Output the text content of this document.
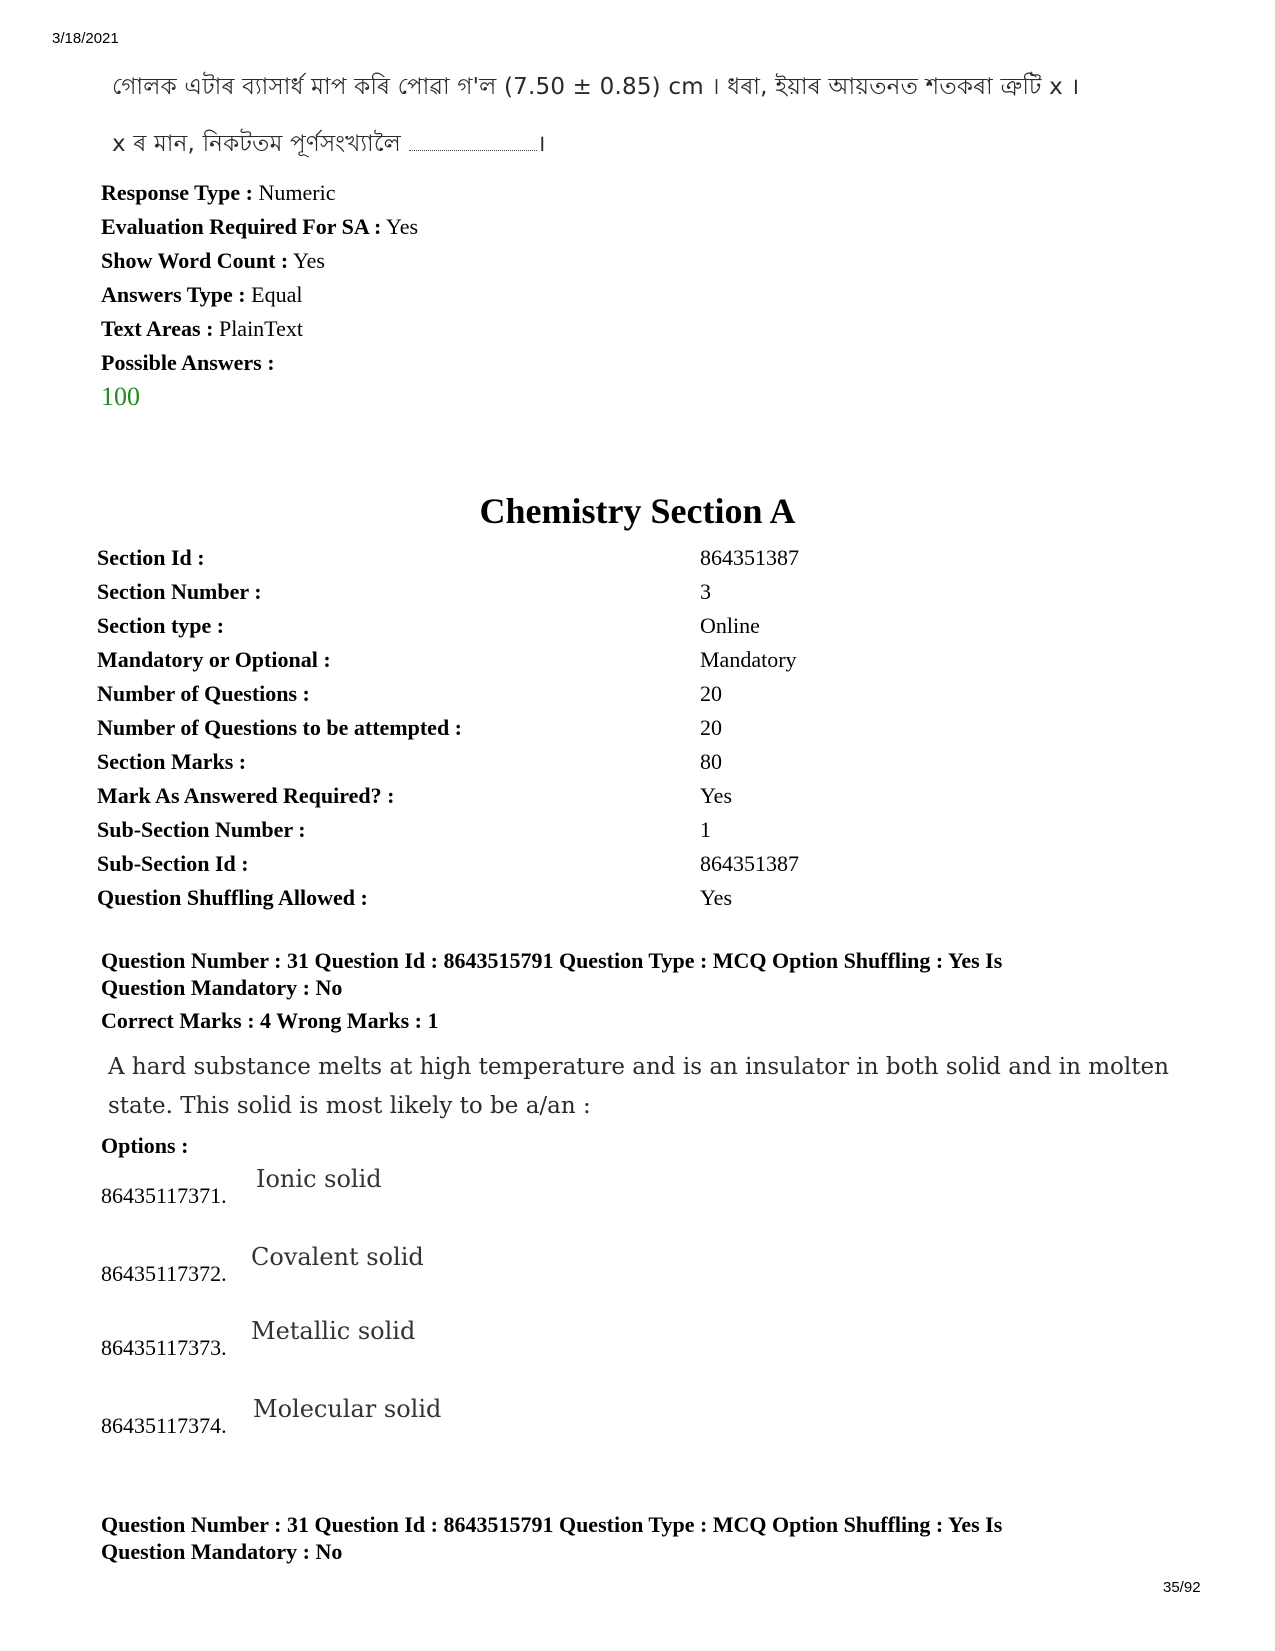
3/18/2021
35/92
গোলক এটাৰ ব্যাসাৰ্ধ মাপ কৰি পোৱা গ'ল (7.50 ± 0.85) cm । ধৰা, ইয়াৰ আয়তনত শতকৰা ত্ৰুটি x ।
x ৰ মান, নিকটতম পূৰ্ণসংখ্যালৈ	।
Response Type : Numeric
Evaluation Required For SA : Yes
Show Word Count : Yes
Answers Type : Equal
Text Areas : PlainText
Possible Answers :
100
Chemistry Section A
Section Id :	864351387
Section Number :	3
Section type :	Online
Mandatory or Optional :	Mandatory
Number of Questions :	20
Number of Questions to be attempted :	20
Section Marks :	80
Mark As Answered Required? :	Yes
Sub-Section Number :	1
Sub-Section Id :	864351387
Question Shuffling Allowed :	Yes
Question Number : 31 Question Id : 8643515791 Question Type : MCQ Option Shuffling : Yes Is
Question Mandatory : No
Correct Marks : 4 Wrong Marks : 1
A hard substance melts at high temperature and is an insulator in both solid and in molten
state. This solid is most likely to be a/an :
Options :
86435117371.
Ionic solid
86435117372.
Covalent solid
86435117373.
Metallic solid
86435117374.
Molecular solid
Question Number : 31 Question Id : 8643515791 Question Type : MCQ Option Shuffling : Yes Is
Question Mandatory : No
